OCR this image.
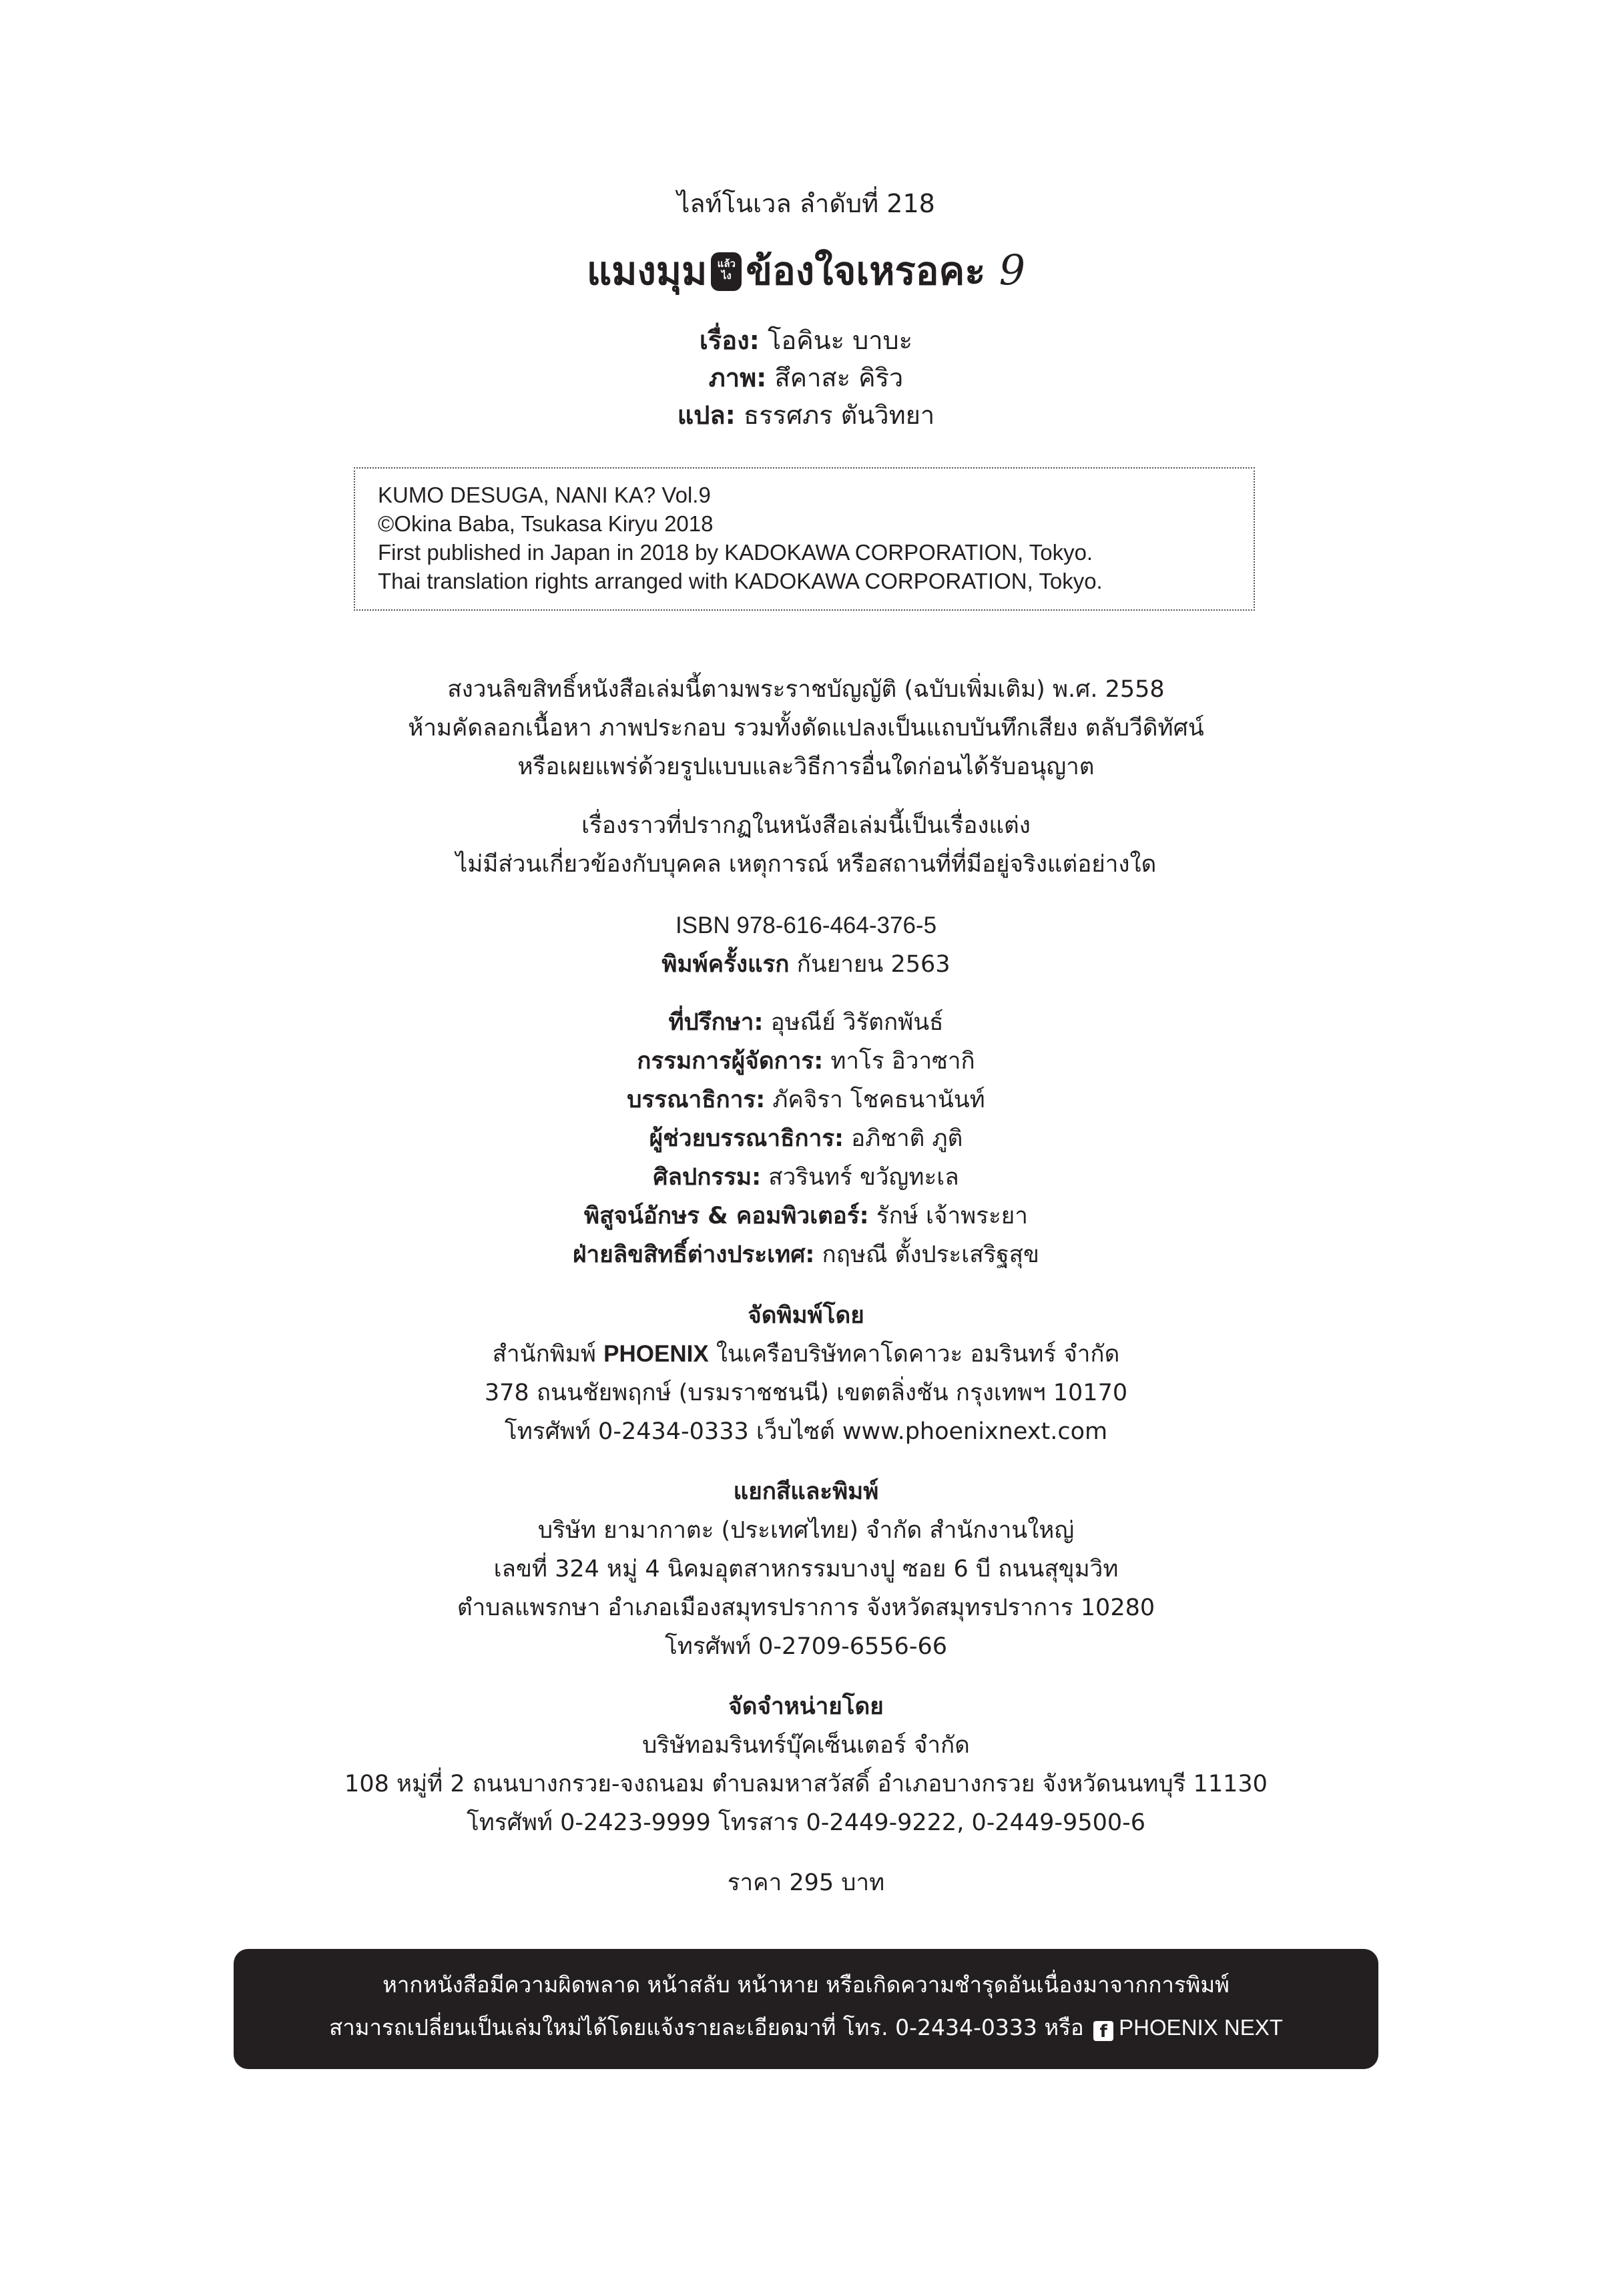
ไลท์โนเวล ลำดับที่ 218
แมงมุม แล้ว
ไง ข้องใจเหรอคะ 9
เรื่อง: โอคินะ บาบะ
ภาพ: สึคาสะ คิริว
แปล: ธรรศภร ตันวิทยา
KUMO DESUGA, NANI KA? Vol.9
©Okina Baba, Tsukasa Kiryu 2018
First published in Japan in 2018 by KADOKAWA CORPORATION, Tokyo.
Thai translation rights arranged with KADOKAWA CORPORATION, Tokyo.
สงวนลิขสิทธิ์หนังสือเล่มนี้ตามพระราชบัญญัติ (ฉบับเพิ่มเติม) พ.ศ. 2558
ห้ามคัดลอกเนื้อหา ภาพประกอบ รวมทั้งดัดแปลงเป็นแถบบันทึกเสียง ตลับวีดิทัศน์
หรือเผยแพร่ด้วยรูปแบบและวิธีการอื่นใดก่อนได้รับอนุญาต
เรื่องราวที่ปรากฏในหนังสือเล่มนี้เป็นเรื่องแต่ง
ไม่มีส่วนเกี่ยวข้องกับบุคคล เหตุการณ์ หรือสถานที่ที่มีอยู่จริงแต่อย่างใด
ISBN 978-616-464-376-5
พิมพ์ครั้งแรก กันยายน 2563
ที่ปรึกษา: อุษณีย์ วิรัตกพันธ์
กรรมการผู้จัดการ: ทาโร อิวาซากิ
บรรณาธิการ: ภัคจิรา โชคธนานันท์
ผู้ช่วยบรรณาธิการ: อภิชาติ ภูติ
ศิลปกรรม: สวรินทร์ ขวัญทะเล
พิสูจน์อักษร & คอมพิวเตอร์: รักษ์ เจ้าพระยา
ฝ่ายลิขสิทธิ์ต่างประเทศ: กฤษณี ตั้งประเสริฐสุข
จัดพิมพ์โดย
สำนักพิมพ์ PHOENIX ในเครือบริษัทคาโดคาวะ อมรินทร์ จำกัด
378 ถนนชัยพฤกษ์ (บรมราชชนนี) เขตตลิ่งชัน กรุงเทพฯ 10170
โทรศัพท์ 0-2434-0333 เว็บไซต์ www.phoenixnext.com
แยกสีและพิมพ์
บริษัท ยามากาตะ (ประเทศไทย) จำกัด สำนักงานใหญ่
เลขที่ 324 หมู่ 4 นิคมอุตสาหกรรมบางปู ซอย 6 บี ถนนสุขุมวิท
ตำบลแพรกษา อำเภอเมืองสมุทรปราการ จังหวัดสมุทรปราการ 10280
โทรศัพท์ 0-2709-6556-66
จัดจำหน่ายโดย
บริษัทอมรินทร์บุ๊คเซ็นเตอร์ จำกัด
108 หมู่ที่ 2 ถนนบางกรวย-จงถนอม ตำบลมหาสวัสดิ์ อำเภอบางกรวย จังหวัดนนทบุรี 11130
โทรศัพท์ 0-2423-9999 โทรสาร 0-2449-9222, 0-2449-9500-6
ราคา 295 บาท
หากหนังสือมีความผิดพลาด หน้าสลับ หน้าหาย หรือเกิดความชำรุดอันเนื่องมาจากการพิมพ์
สามารถเปลี่ยนเป็นเล่มใหม่ได้โดยแจ้งรายละเอียดมาที่ โทร. 0-2434-0333 หรือ f PHOENIX NEXT
